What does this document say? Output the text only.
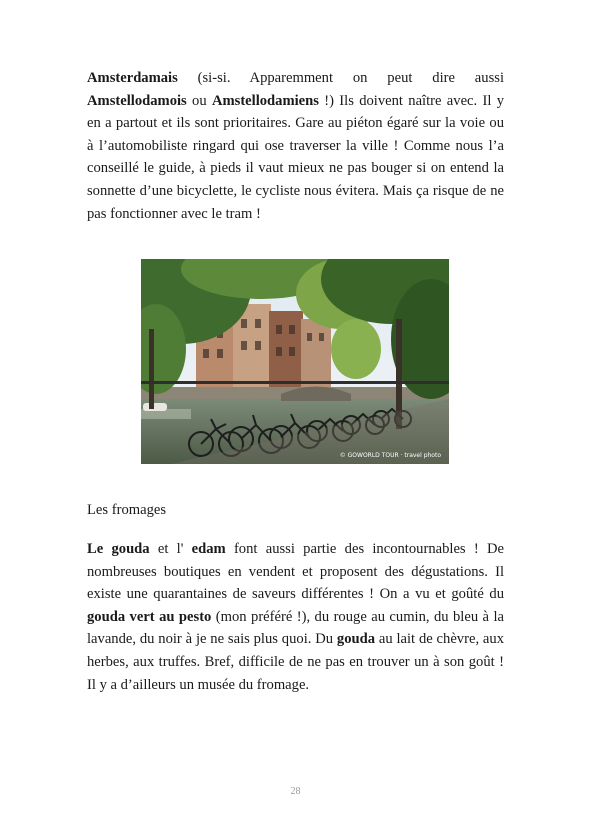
Amsterdamais (si-si. Apparemment on peut dire aussi Amstellodamois ou Amstellodamiens !) Ils doivent naître avec. Il y en a partout et ils sont prioritaires. Gare au piéton égaré sur la voie ou à l’automobiliste ringard qui ose traverser la ville ! Comme nous l’a conseillé le guide, à pieds il vaut mieux ne pas bouger si on entend la sonnette d’une bicyclette, le cycliste nous évitera. Mais ça risque de ne pas fonctionner avec le tram !

© GOWORLD TOUR · travel photo

Les fromages

Le gouda et l' edam font aussi partie des incontournables ! De nombreuses boutiques en vendent et proposent des dégustations. Il existe une quarantaines de saveurs différentes ! On a vu et goûté du gouda vert au pesto (mon préféré !), du rouge au cumin, du bleu à la lavande, du noir à je ne sais plus quoi. Du gouda au lait de chèvre, aux herbes, aux truffes. Bref, difficile de ne pas en trouver un à son goût ! Il y a d’ailleurs un musée du fromage.

28
